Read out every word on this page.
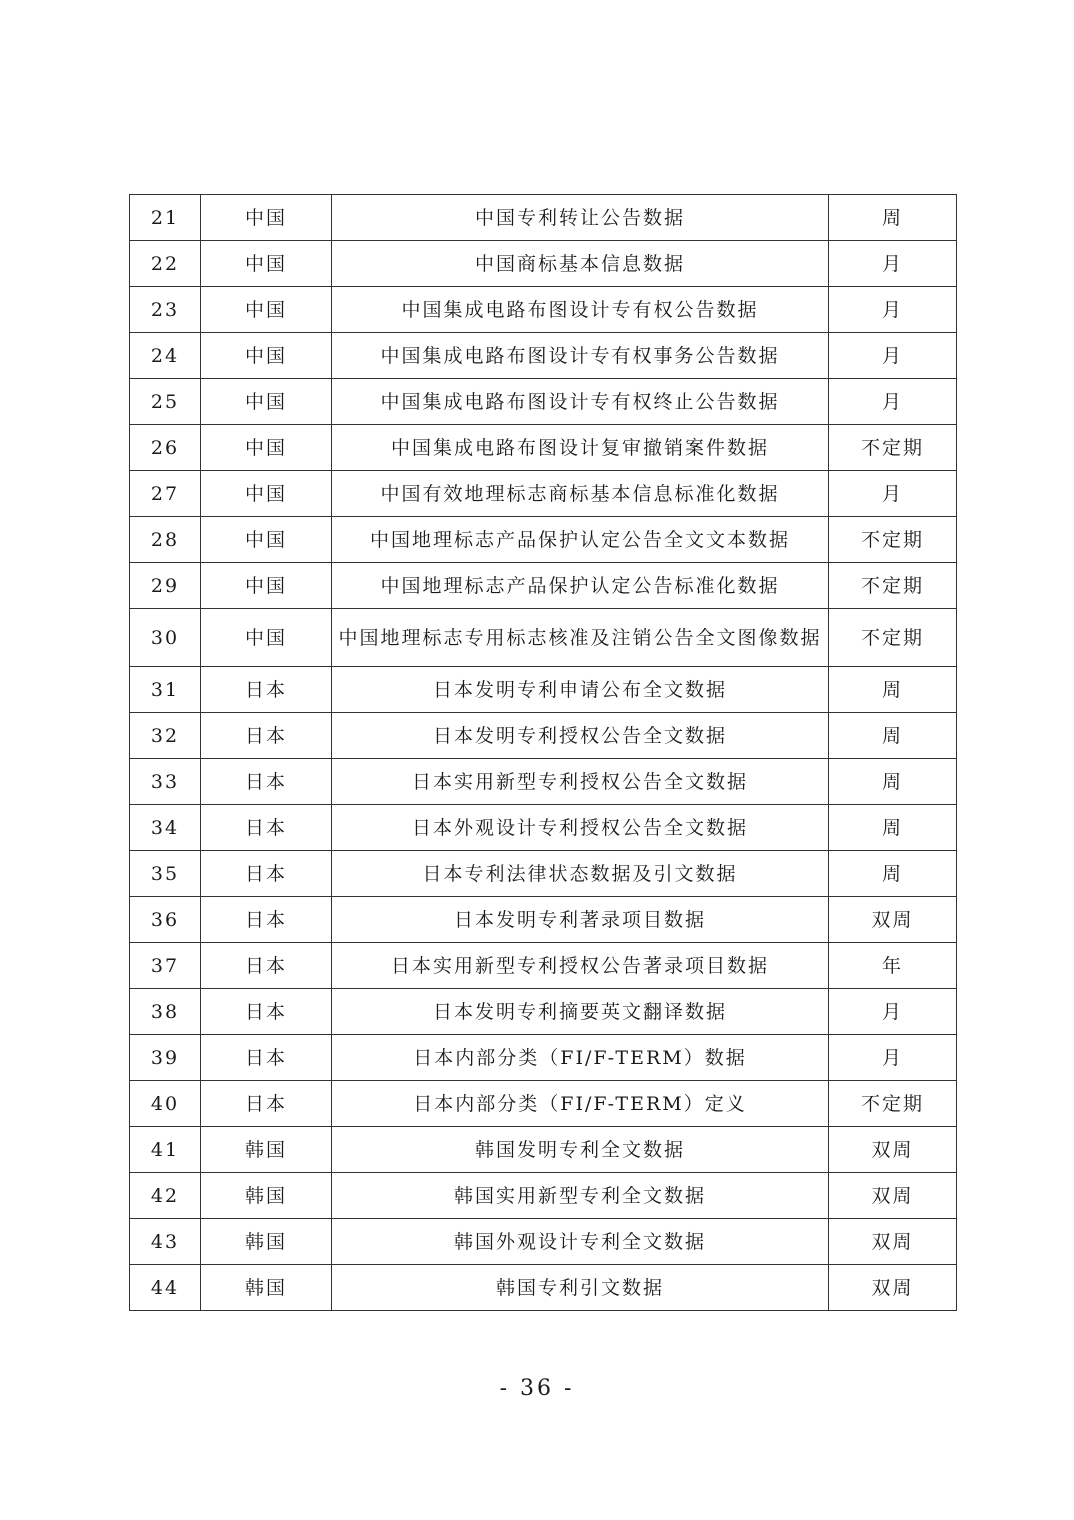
21	中国	中国专利转让公告数据	周
22	中国	中国商标基本信息数据	月
23	中国	中国集成电路布图设计专有权公告数据	月
24	中国	中国集成电路布图设计专有权事务公告数据	月
25	中国	中国集成电路布图设计专有权终止公告数据	月
26	中国	中国集成电路布图设计复审撤销案件数据	不定期
27	中国	中国有效地理标志商标基本信息标准化数据	月
28	中国	中国地理标志产品保护认定公告全文文本数据	不定期
29	中国	中国地理标志产品保护认定公告标准化数据	不定期
30	中国	中国地理标志专用标志核准及注销公告全文图像数据	不定期
31	日本	日本发明专利申请公布全文数据	周
32	日本	日本发明专利授权公告全文数据	周
33	日本	日本实用新型专利授权公告全文数据	周
34	日本	日本外观设计专利授权公告全文数据	周
35	日本	日本专利法律状态数据及引文数据	周
36	日本	日本发明专利著录项目数据	双周
37	日本	日本实用新型专利授权公告著录项目数据	年
38	日本	日本发明专利摘要英文翻译数据	月
39	日本	日本内部分类（FI/F-TERM）数据	月
40	日本	日本内部分类（FI/F-TERM）定义	不定期
41	韩国	韩国发明专利全文数据	双周
42	韩国	韩国实用新型专利全文数据	双周
43	韩国	韩国外观设计专利全文数据	双周
44	韩国	韩国专利引文数据	双周
- 36 -
